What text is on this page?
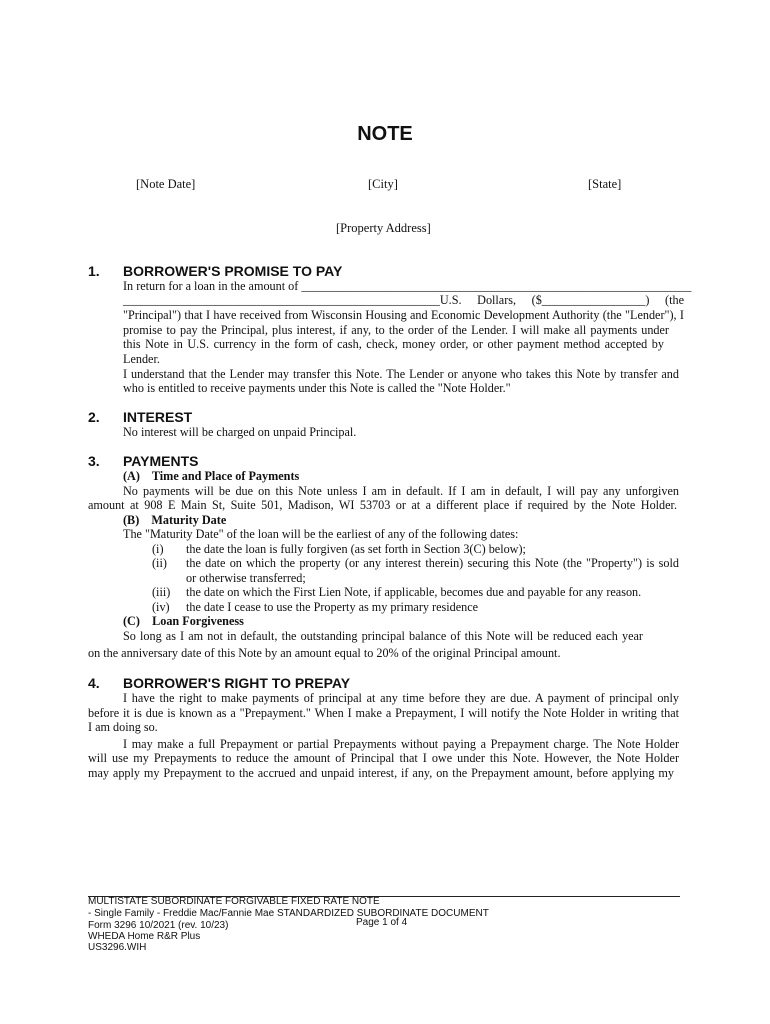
NOTE
[Note Date]	[City]	[State]
[Property Address]
1. BORROWER'S PROMISE TO PAY
In return for a loan in the amount of ________________________________________________________________
____________________________________________________U.S. Dollars, ($_________________) (the
"Principal") that I have received from Wisconsin Housing and Economic Development Authority (the "Lender"), I
promise to pay the Principal, plus interest, if any, to the order of the Lender. I will make all payments under
this Note in U.S. currency in the form of cash, check, money order, or other payment method accepted by
Lender.
I understand that the Lender may transfer this Note. The Lender or anyone who takes this Note by transfer and
who is entitled to receive payments under this Note is called the "Note Holder."
2. INTEREST
No interest will be charged on unpaid Principal.
3. PAYMENTS
(A)    Time and Place of Payments
No payments will be due on this Note unless I am in default. If I am in default, I will pay any unforgiven
amount at 908 E Main St, Suite 501, Madison, WI 53703 or at a different place if required by the Note Holder.
(B)    Maturity Date
The "Maturity Date" of the loan will be the earliest of any of the following dates:
(i) the date the loan is fully forgiven (as set forth in Section 3(C) below);
(ii) the date on which the property (or any interest therein) securing this Note (the "Property") is sold
or otherwise transferred;
(iii) the date on which the First Lien Note, if applicable, becomes due and payable for any reason.
(iv) the date I cease to use the Property as my primary residence
(C)    Loan Forgiveness
So long as I am not in default, the outstanding principal balance of this Note will be reduced each year
on the anniversary date of this Note by an amount equal to 20% of the original Principal amount.
4. BORROWER'S RIGHT TO PREPAY
I have the right to make payments of principal at any time before they are due. A payment of principal only
before it is due is known as a "Prepayment." When I make a Prepayment, I will notify the Note Holder in writing that
I am doing so.
I may make a full Prepayment or partial Prepayments without paying a Prepayment charge. The Note Holder
will use my Prepayments to reduce the amount of Principal that I owe under this Note. However, the Note Holder
may apply my Prepayment to the accrued and unpaid interest, if any, on the Prepayment amount, before applying my
MULTISTATE SUBORDINATE FORGIVABLE FIXED RATE NOTE
- Single Family - Freddie Mac/Fannie Mae STANDARDIZED SUBORDINATE DOCUMENT
Form 3296 10/2021 (rev. 10/23)	Page 1 of 4
WHEDA Home R&R Plus
US3296.WIH
